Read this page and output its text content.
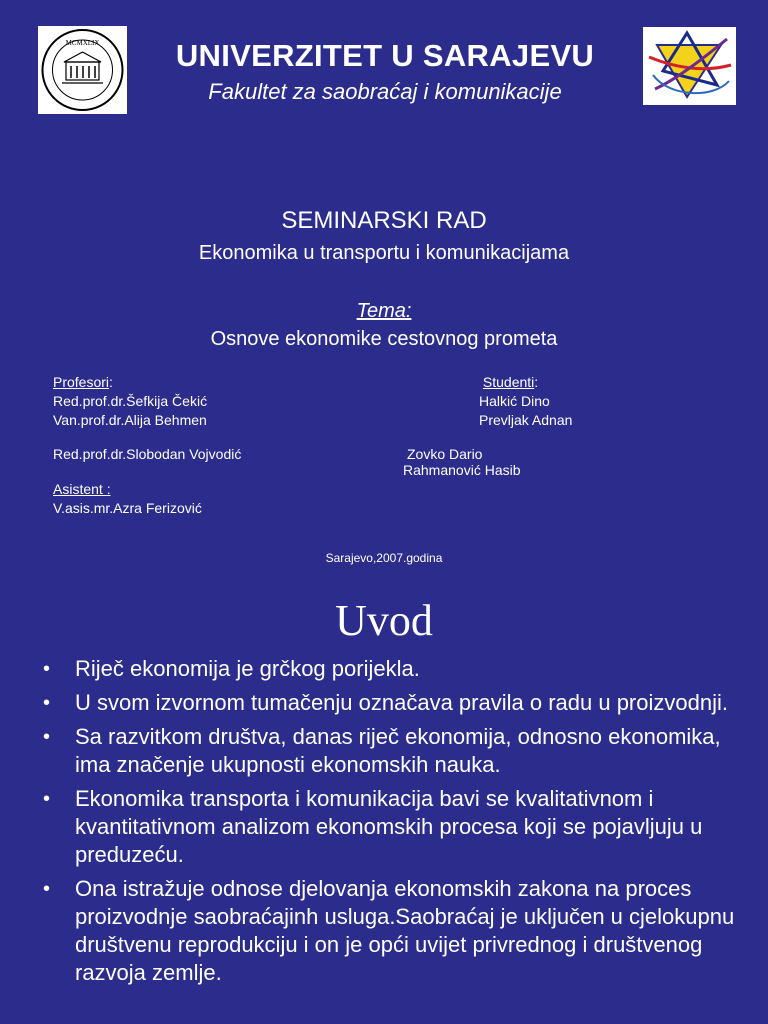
MCMXLIX	UNIVERZITET U SARAJEVU
Fakultet za saobraćaj i komunikacije
SEMINARSKI RAD
Ekonomika u transportu i komunikacijama
Tema:
Osnove ekonomike cestovnog prometa
Profesori:
Red.prof.dr.Šefkija Čekić
Van.prof.dr.Alija Behmen
Red.prof.dr.Slobodan Vojvodić
Asistent :
V.asis.mr.Azra Ferizović
Studenti:
Halkić Dino
Prevljak Adnan
Zovko Dario
Rahmanović Hasib
Sarajevo,2007.godina
Uvod
• Riječ ekonomija je grčkog porijekla.
• U svom izvornom tumačenju označava pravila o radu u proizvodnji.
• Sa razvitkom društva, danas riječ ekonomija, odnosno ekonomika, ima značenje ukupnosti ekonomskih nauka.
• Ekonomika transporta i komunikacija bavi se kvalitativnom i kvantitativnom analizom ekonomskih procesa koji se pojavljuju u preduzeću.
• Ona istražuje odnose djelovanja ekonomskih zakona na proces proizvodnje saobraćajinh usluga.Saobraćaj je uključen u cjelokupnu društvenu reprodukciju i on je opći uvijet privrednog i društvenog razvoja zemlje.
